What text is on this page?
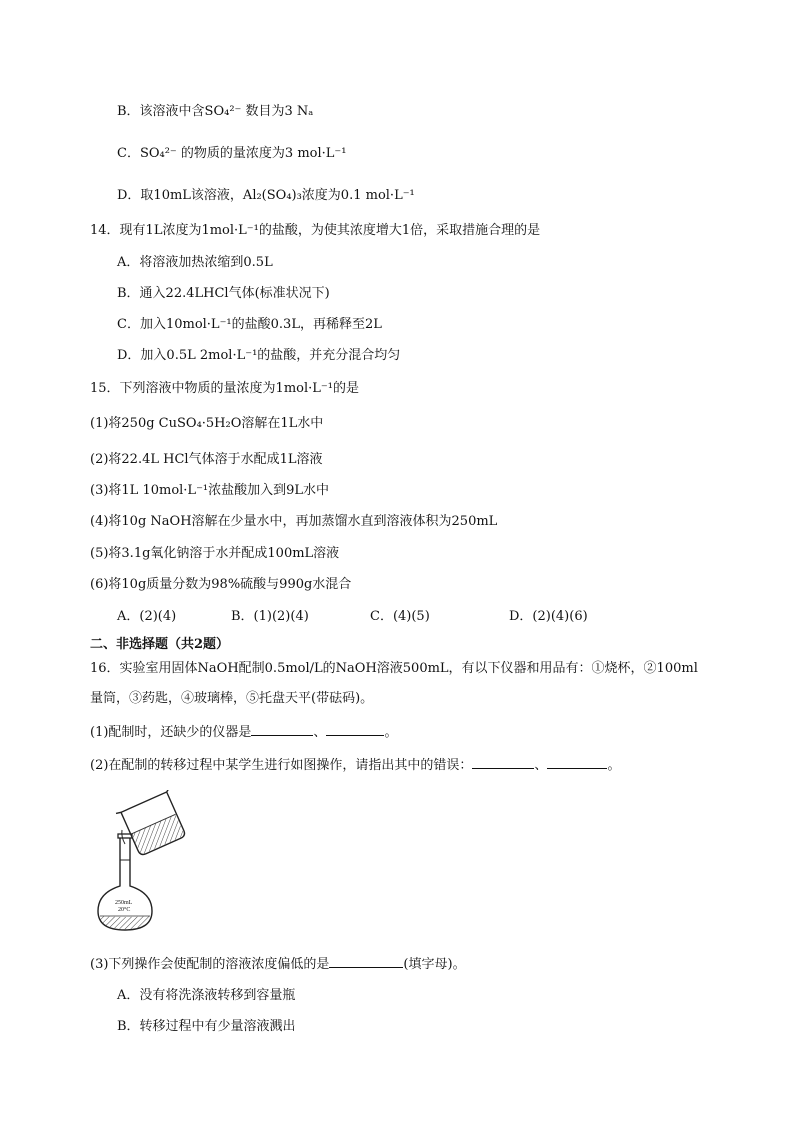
B．该溶液中含SO₄²⁻ 数目为3 Nₐ
C．SO₄²⁻ 的物质的量浓度为3 mol·L⁻¹
D．取10mL该溶液，Al₂(SO₄)₃浓度为0.1 mol·L⁻¹
14．现有1L浓度为1mol·L⁻¹的盐酸，为使其浓度增大1倍，采取措施合理的是
A．将溶液加热浓缩到0.5L
B．通入22.4LHCl气体(标准状况下)
C．加入10mol·L⁻¹的盐酸0.3L，再稀释至2L
D．加入0.5L 2mol·L⁻¹的盐酸，并充分混合均匀
15．下列溶液中物质的量浓度为1mol·L⁻¹的是
(1)将250g CuSO₄·5H₂O溶解在1L水中
(2)将22.4L HCl气体溶于水配成1L溶液
(3)将1L 10mol·L⁻¹浓盐酸加入到9L水中
(4)将10g NaOH溶解在少量水中，再加蒸馏水直到溶液体积为250mL
(5)将3.1g氧化钠溶于水并配成100mL溶液
(6)将10g质量分数为98%硫酸与990g水混合
A．(2)(4)	B．(1)(2)(4)	C．(4)(5)	D．(2)(4)(6)
二、非选择题（共2题）
16．实验室用固体NaOH配制0.5mol/L的NaOH溶液500mL，有以下仪器和用品有：①烧杯，②100ml
量筒，③药匙，④玻璃棒，⑤托盘天平(带砝码)。
(1)配制时，还缺少的仪器是	、	。
(2)在配制的转移过程中某学生进行如图操作，请指出其中的错误：	、	。
250mL
20°C
(3)下列操作会使配制的溶液浓度偏低的是	(填字母)。
A．没有将洗涤液转移到容量瓶
B．转移过程中有少量溶液溅出
